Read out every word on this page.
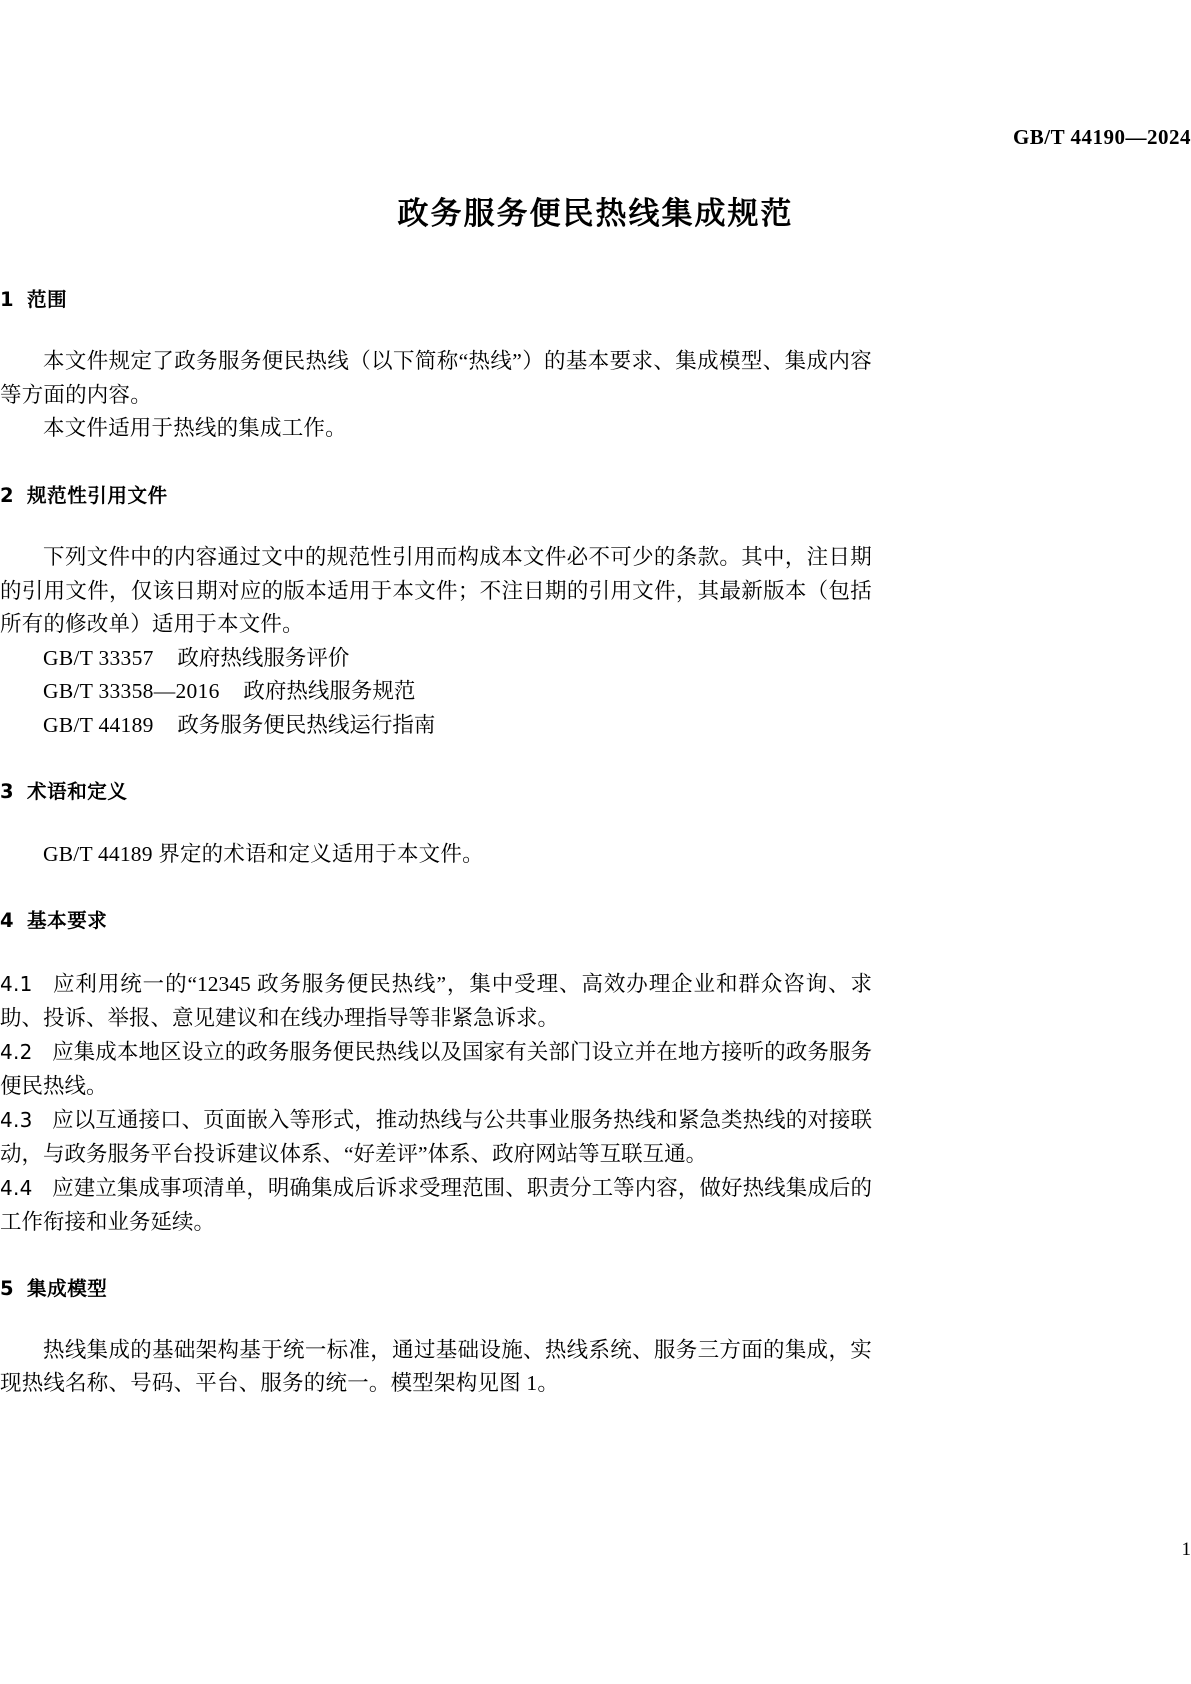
GB/T 44190—2024
政务服务便民热线集成规范
1 范围

本文件规定了政务服务便民热线（以下简称“热线”）的基本要求、集成模型、集成内容等方面的内容。

本文件适用于热线的集成工作。

2 规范性引用文件

下列文件中的内容通过文中的规范性引用而构成本文件必不可少的条款。其中，注日期的引用文件，仅该日期对应的版本适用于本文件；不注日期的引用文件，其最新版本（包括所有的修改单）适用于本文件。

GB/T 33357 政府热线服务评价

GB/T 33358—2016 政府热线服务规范

GB/T 44189 政务服务便民热线运行指南

3 术语和定义

GB/T 44189 界定的术语和定义适用于本文件。

4 基本要求

4.1 应利用统一的“12345 政务服务便民热线”，集中受理、高效办理企业和群众咨询、求助、投诉、举报、意见建议和在线办理指导等非紧急诉求。

4.2 应集成本地区设立的政务服务便民热线以及国家有关部门设立并在地方接听的政务服务便民热线。

4.3 应以互通接口、页面嵌入等形式，推动热线与公共事业服务热线和紧急类热线的对接联动，与政务服务平台投诉建议体系、“好差评”体系、政府网站等互联互通。

4.4 应建立集成事项清单，明确集成后诉求受理范围、职责分工等内容，做好热线集成后的工作衔接和业务延续。

5 集成模型

热线集成的基础架构基于统一标准，通过基础设施、热线系统、服务三方面的集成，实现热线名称、号码、平台、服务的统一。模型架构见图 1。

1
